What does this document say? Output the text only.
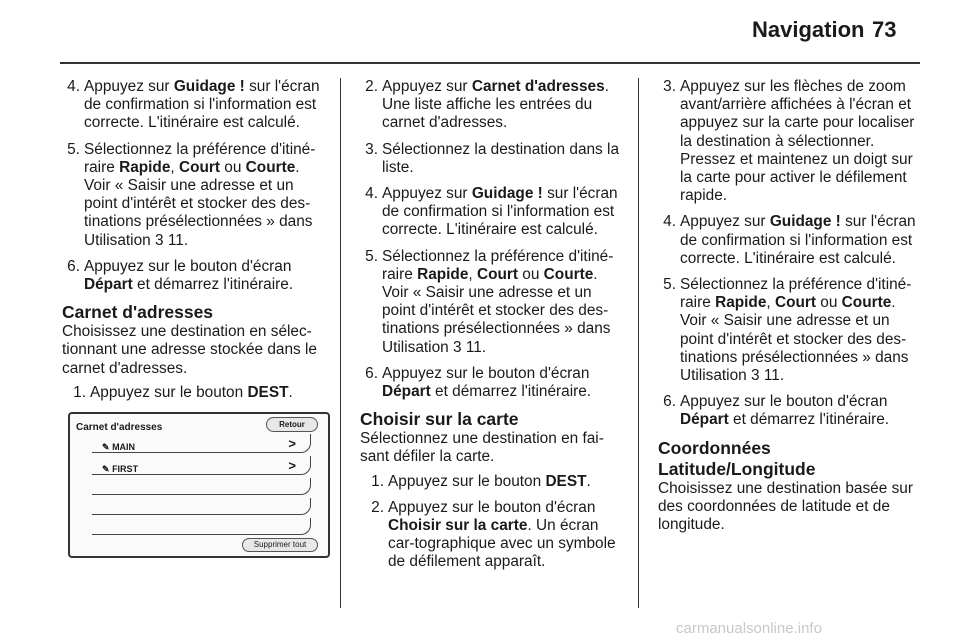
Navigation 73
4. Appuyez sur Guidage ! sur l'écran de confirmation si l'information est correcte. L'itinéraire est calculé.

5. Sélectionnez la préférence d'itiné-raire Rapide, Court ou Courte. Voir « Saisir une adresse et un point d'intérêt et stocker des des-tinations présélectionnées » dans Utilisation 3 11.

6. Appuyez sur le bouton d'écran Départ et démarrez l'itinéraire.

Carnet d'adresses

Choisissez une destination en sélec-tionnant une adresse stockée dans le carnet d'adresses.

1. Appuyez sur le bouton DEST.

Carnet d'adresses	Retour
✎ MAIN	>
✎ FIRST	>
Supprimer tout
2. Appuyez sur Carnet d'adresses. Une liste affiche les entrées du carnet d'adresses.

3. Sélectionnez la destination dans la liste.

4. Appuyez sur Guidage ! sur l'écran de confirmation si l'information est correcte. L'itinéraire est calculé.

5. Sélectionnez la préférence d'itiné-raire Rapide, Court ou Courte. Voir « Saisir une adresse et un point d'intérêt et stocker des des-tinations présélectionnées » dans Utilisation 3 11.

6. Appuyez sur le bouton d'écran Départ et démarrez l'itinéraire.

Choisir sur la carte

Sélectionnez une destination en fai-sant défiler la carte.

1. Appuyez sur le bouton DEST.

2. Appuyez sur le bouton d'écran Choisir sur la carte. Un écran car-tographique avec un symbole de défilement apparaît.

3. Appuyez sur les flèches de zoom avant/arrière affichées à l'écran et appuyez sur la carte pour localiser la destination à sélectionner. Pressez et maintenez un doigt sur la carte pour activer le défilement rapide.

4. Appuyez sur Guidage ! sur l'écran de confirmation si l'information est correcte. L'itinéraire est calculé.

5. Sélectionnez la préférence d'itiné-raire Rapide, Court ou Courte. Voir « Saisir une adresse et un point d'intérêt et stocker des des-tinations présélectionnées » dans Utilisation 3 11.

6. Appuyez sur le bouton d'écran Départ et démarrez l'itinéraire.

Coordonnées
Latitude/Longitude

Choisissez une destination basée sur des coordonnées de latitude et de longitude.

carmanualsonline.info
